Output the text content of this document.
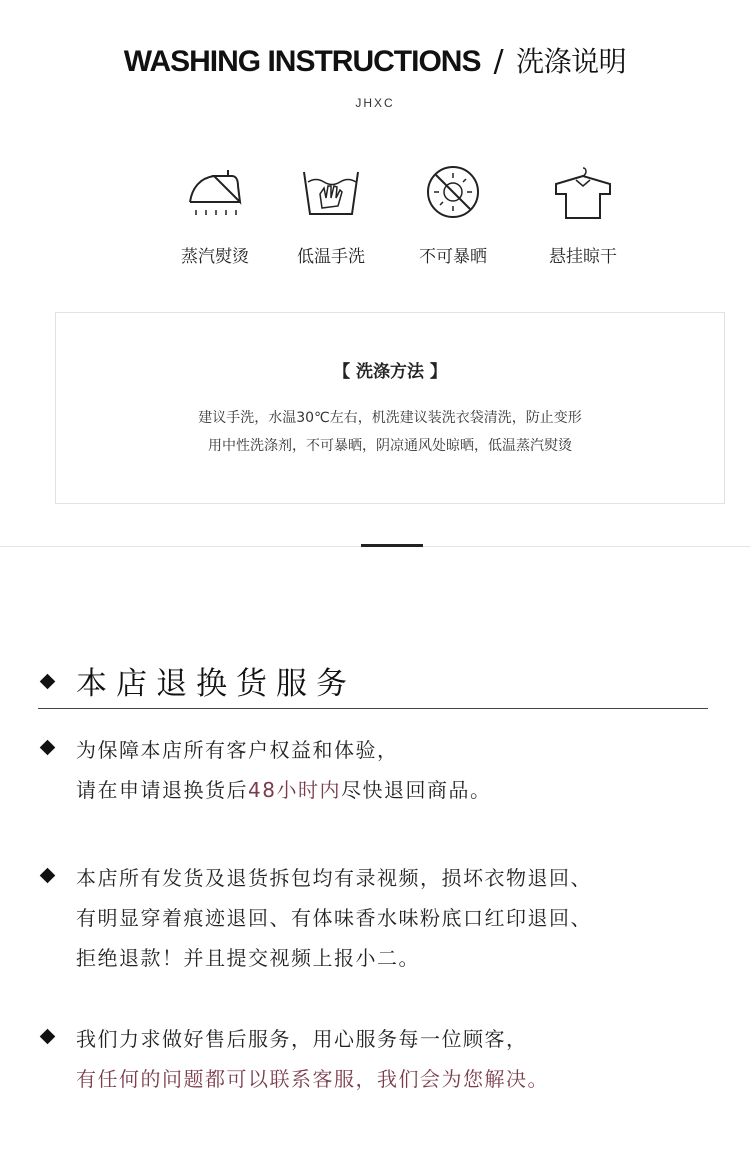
WASHING INSTRUCTIONS / 洗涤说明
JHXC
蒸汽熨烫	低温手洗	不可暴晒	悬挂晾干
【 洗涤方法 】
建议手洗，水温30℃左右，机洗建议装洗衣袋清洗，防止变形
用中性洗涤剂，不可暴晒，阴凉通风处晾晒，低温蒸汽熨烫
本店退换货服务
为保障本店所有客户权益和体验，
请在申请退换货后48小时内尽快退回商品。
本店所有发货及退货拆包均有录视频，损坏衣物退回、
有明显穿着痕迹退回、有体味香水味粉底口红印退回、
拒绝退款！并且提交视频上报小二。
我们力求做好售后服务，用心服务每一位顾客，
有任何的问题都可以联系客服，我们会为您解决。
